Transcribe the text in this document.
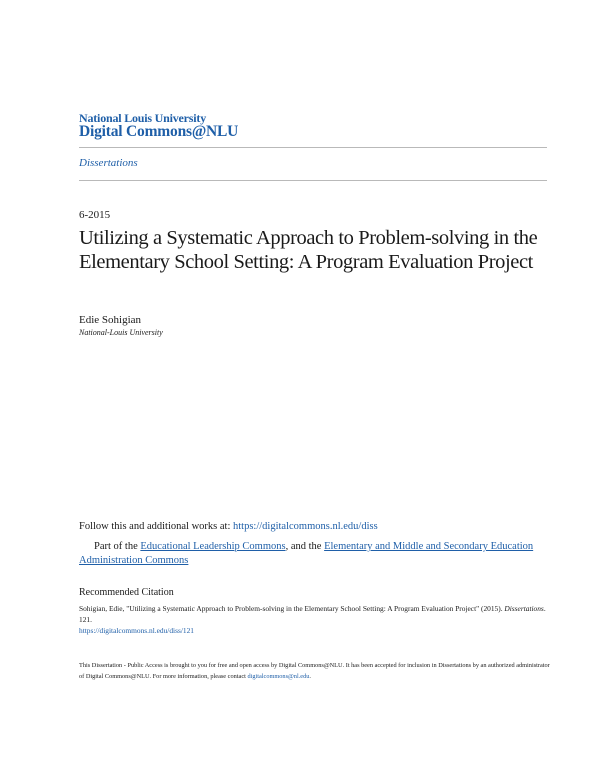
National Louis University
Digital Commons@NLU
Dissertations
6-2015
Utilizing a Systematic Approach to Problem-solving in the Elementary School Setting: A Program Evaluation Project
Edie Sohigian
National-Louis University
Follow this and additional works at: https://digitalcommons.nl.edu/diss
Part of the Educational Leadership Commons, and the Elementary and Middle and Secondary Education Administration Commons
Recommended Citation
Sohigian, Edie, "Utilizing a Systematic Approach to Problem-solving in the Elementary School Setting: A Program Evaluation Project" (2015). Dissertations. 121.
https://digitalcommons.nl.edu/diss/121
This Dissertation - Public Access is brought to you for free and open access by Digital Commons@NLU. It has been accepted for inclusion in Dissertations by an authorized administrator of Digital Commons@NLU. For more information, please contact digitalcommons@nl.edu.
